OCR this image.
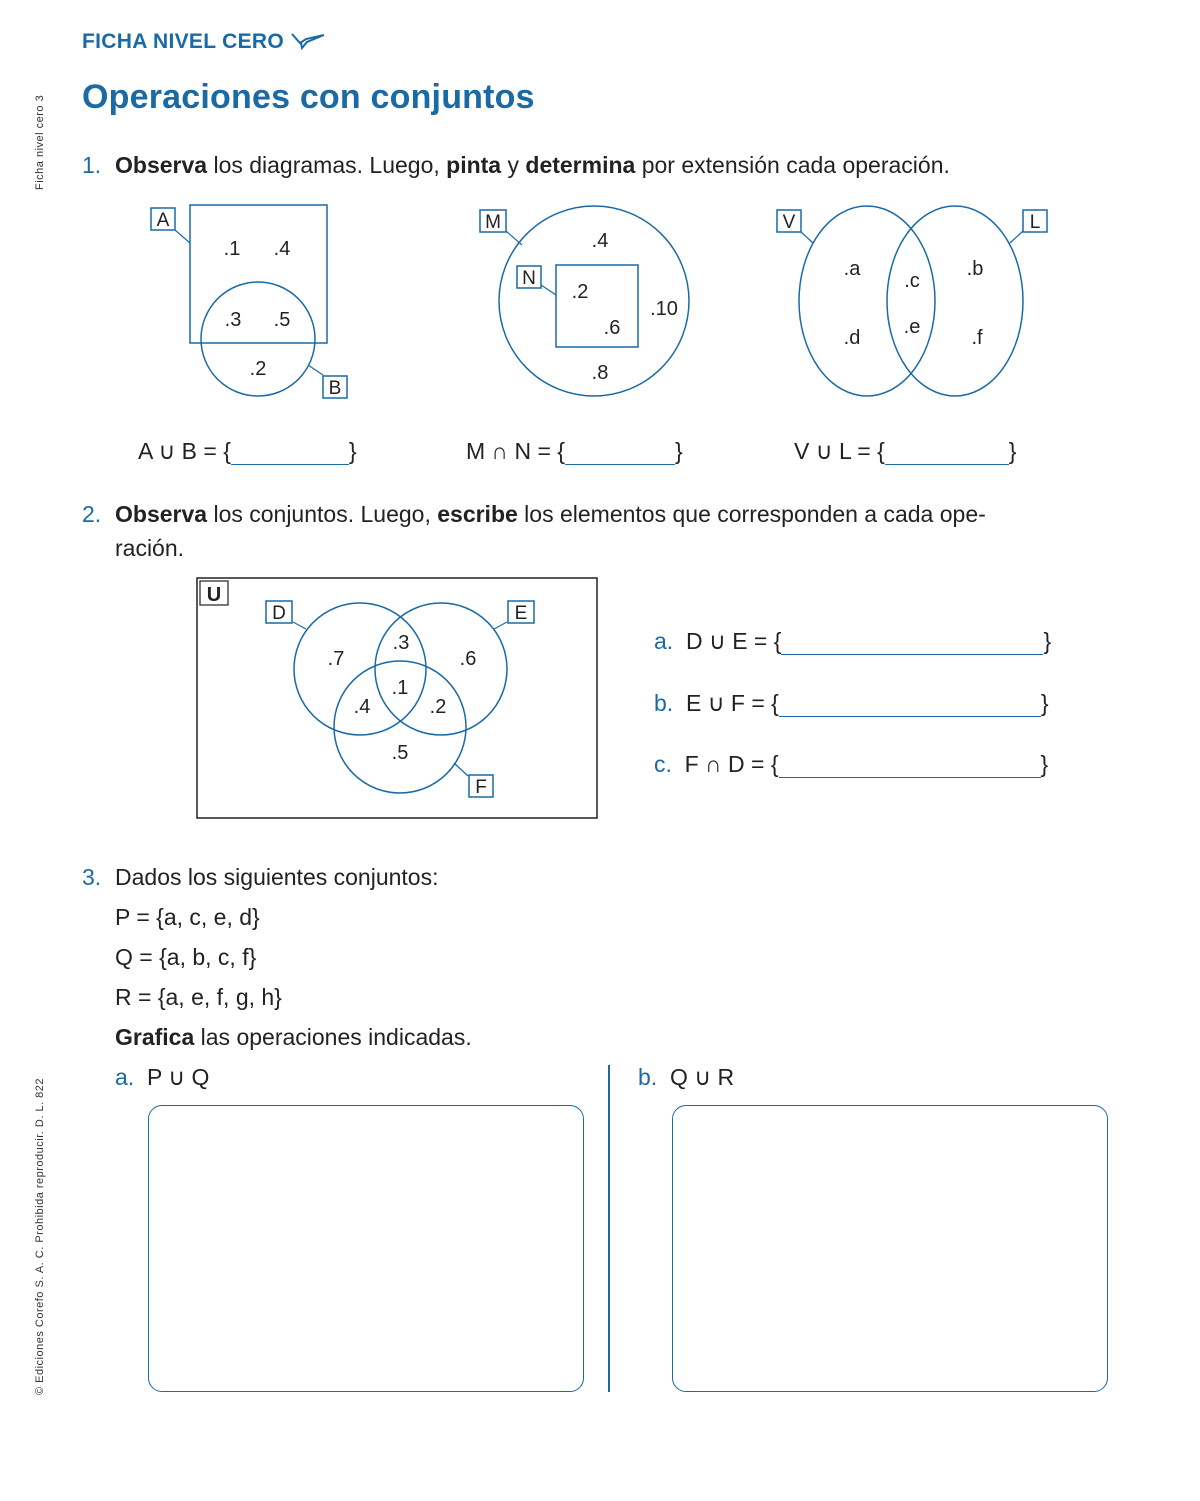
Ficha nivel cero 3
© Ediciones Corefo S. A. C. Prohibida reproducir. D. L. 822
FICHA NIVEL CERO
Operaciones con conjuntos
1. Observa los diagramas. Luego, pinta y determina por extensión cada operación.
A
B
.1 .4
.3 .5
.2
M
N
.4
.2
.6
.10
.8
V	L
.a
.c
.b
.e
.d	.f
A ∪ B = {	}	M ∩ N = {	}	V ∪ L = {	}
2. Observa los conjuntos. Luego, escribe los elementos que corresponden a cada ope-
ración.
U
D	E
F
.3
.7	.6
.1
.4	.2
.5
a. D ∪ E = {	}
b. E ∪ F = {	}
c. F ∩ D = {	}
3. Dados los siguientes conjuntos:
P = {a, c, e, d}
Q = {a, b, c, f}
R = {a, e, f, g, h}
Grafica las operaciones indicadas.
a. P ∪ Q	b. Q ∪ R
